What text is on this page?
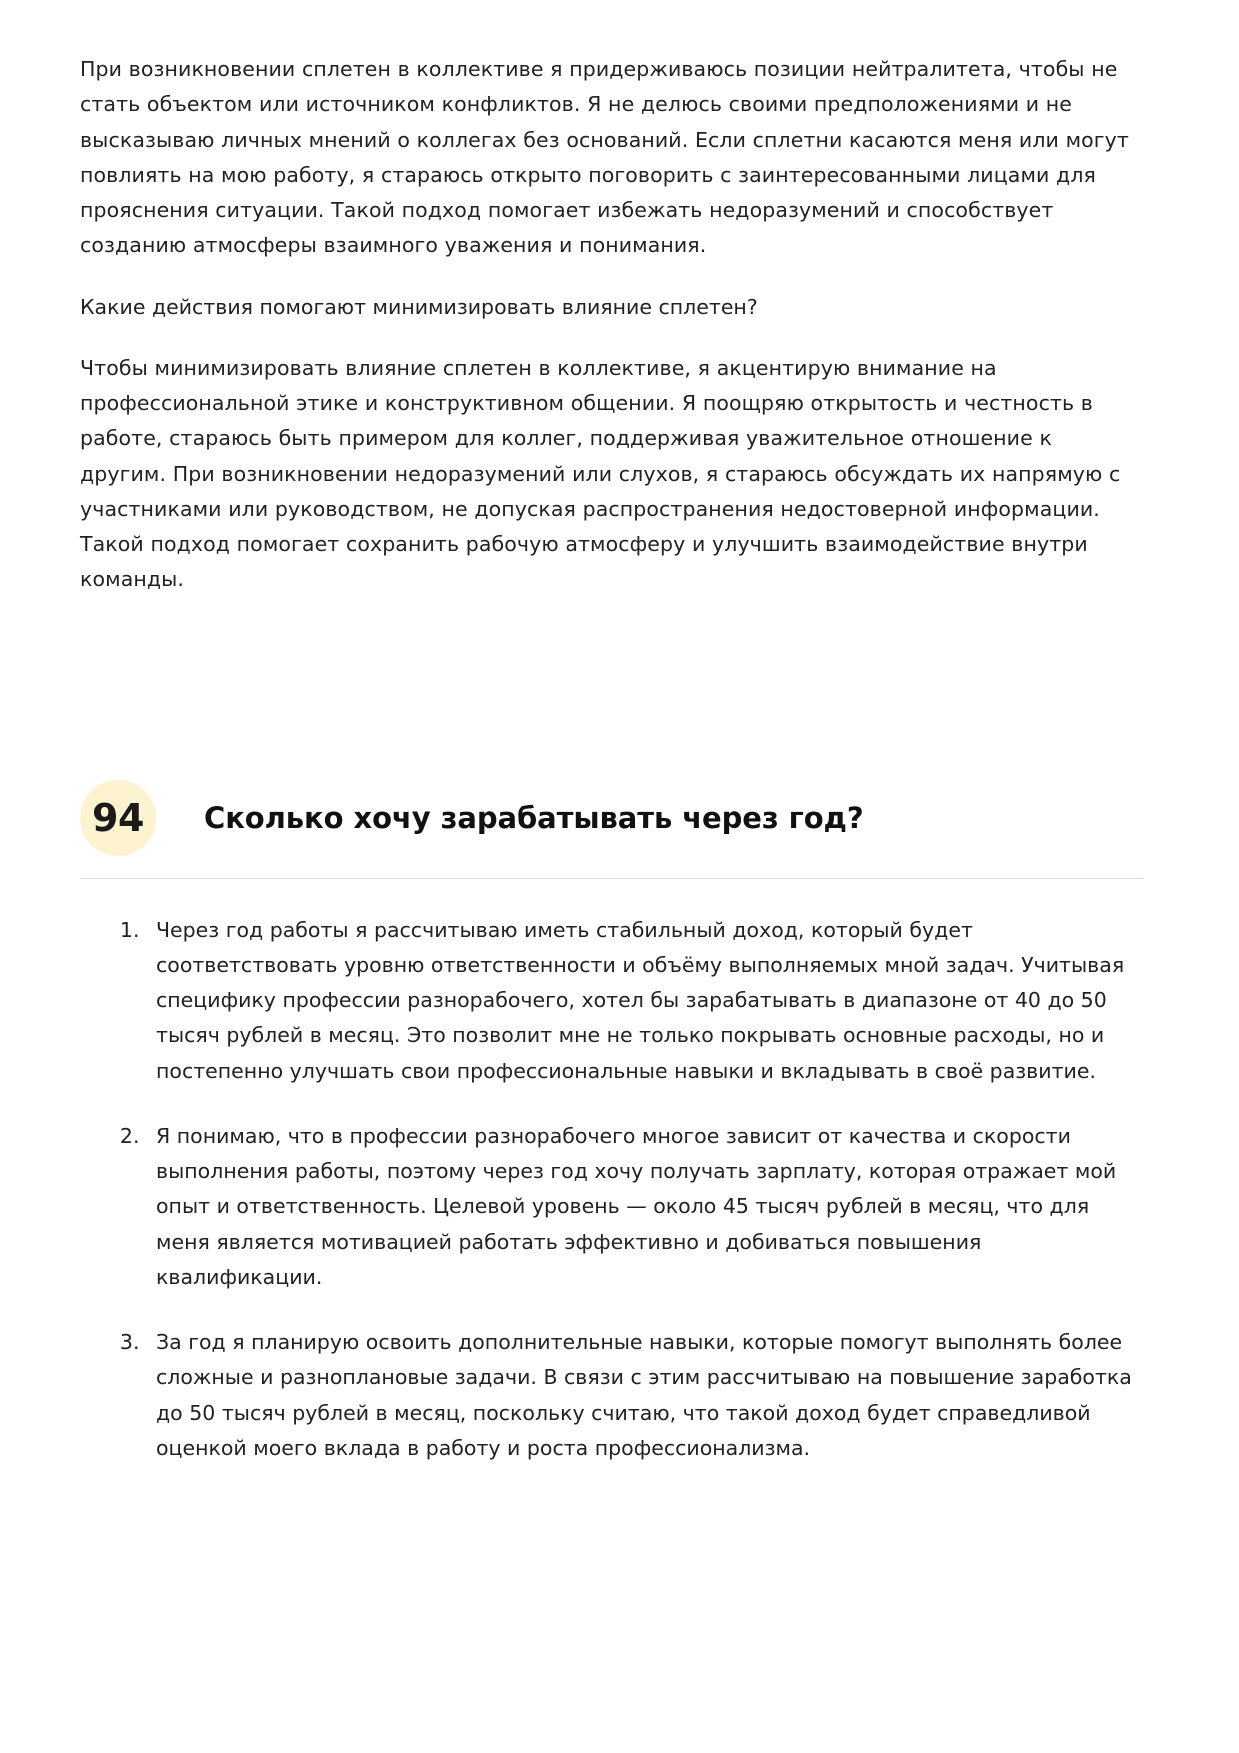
При возникновении сплетен в коллективе я придерживаюсь позиции нейтралитета, чтобы не стать объектом или источником конфликтов. Я не делюсь своими предположениями и не высказываю личных мнений о коллегах без оснований. Если сплетни касаются меня или могут повлиять на мою работу, я стараюсь открыто поговорить с заинтересованными лицами для прояснения ситуации. Такой подход помогает избежать недоразумений и способствует созданию атмосферы взаимного уважения и понимания.

Какие действия помогают минимизировать влияние сплетен?

Чтобы минимизировать влияние сплетен в коллективе, я акцентирую внимание на профессиональной этике и конструктивном общении. Я поощряю открытость и честность в работе, стараюсь быть примером для коллег, поддерживая уважительное отношение к другим. При возникновении недоразумений или слухов, я стараюсь обсуждать их напрямую с участниками или руководством, не допуская распространения недостоверной информации. Такой подход помогает сохранить рабочую атмосферу и улучшить взаимодействие внутри команды.

94	Сколько хочу зарабатывать через год?
1. Через год работы я рассчитываю иметь стабильный доход, который будет соответствовать уровню ответственности и объёму выполняемых мной задач. Учитывая специфику профессии разнорабочего, хотел бы зарабатывать в диапазоне от 40 до 50 тысяч рублей в месяц. Это позволит мне не только покрывать основные расходы, но и постепенно улучшать свои профессиональные навыки и вкладывать в своё развитие.
2. Я понимаю, что в профессии разнорабочего многое зависит от качества и скорости выполнения работы, поэтому через год хочу получать зарплату, которая отражает мой опыт и ответственность. Целевой уровень — около 45 тысяч рублей в месяц, что для меня является мотивацией работать эффективно и добиваться повышения квалификации.
3. За год я планирую освоить дополнительные навыки, которые помогут выполнять более сложные и разноплановые задачи. В связи с этим рассчитываю на повышение заработка до 50 тысяч рублей в месяц, поскольку считаю, что такой доход будет справедливой оценкой моего вклада в работу и роста профессионализма.
